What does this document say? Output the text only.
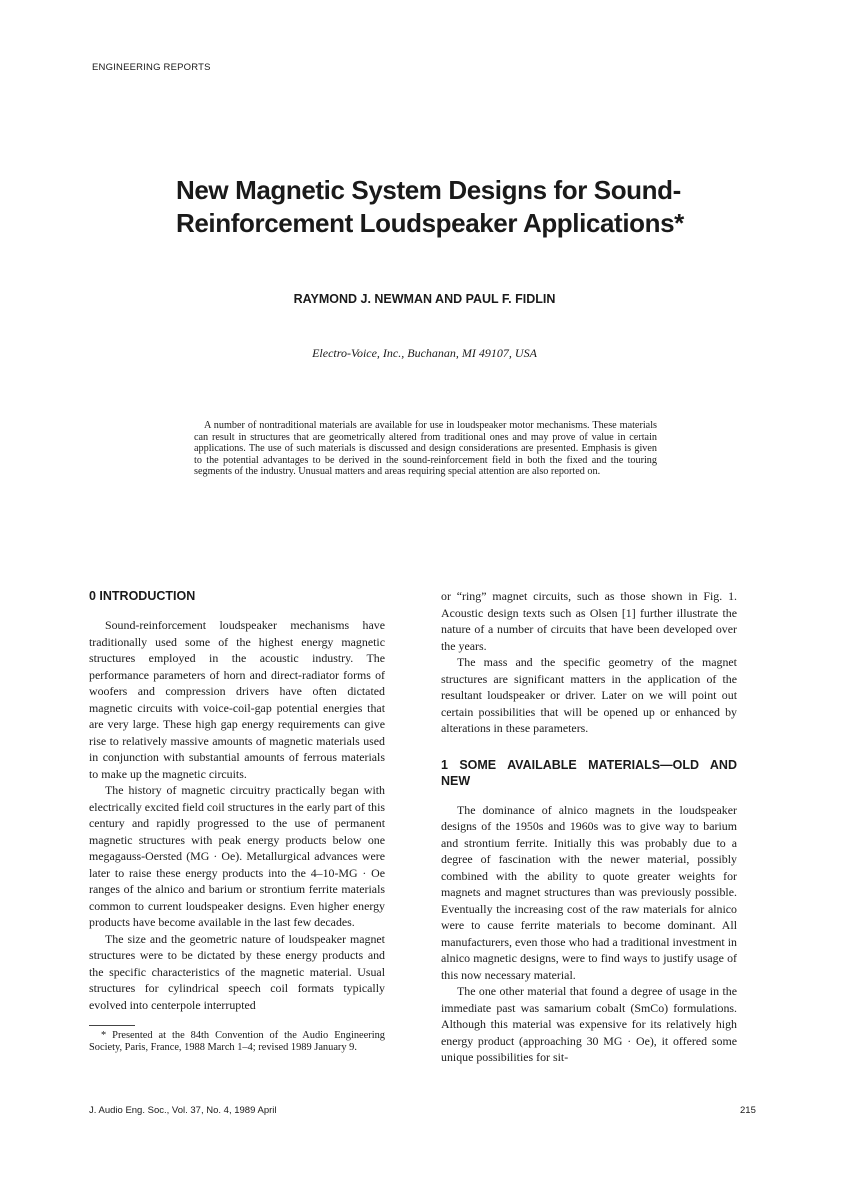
ENGINEERING REPORTS
New Magnetic System Designs for Sound-
Reinforcement Loudspeaker Applications*
RAYMOND J. NEWMAN AND PAUL F. FIDLIN
Electro-Voice, Inc., Buchanan, MI 49107, USA
A number of nontraditional materials are available for use in loudspeaker motor mechanisms. These materials can result in structures that are geometrically altered from traditional ones and may prove of value in certain applications. The use of such materials is discussed and design considerations are presented. Emphasis is given to the potential advantages to be derived in the sound-reinforcement field in both the fixed and the touring segments of the industry. Unusual matters and areas requiring special attention are also reported on.
0 INTRODUCTION

Sound-reinforcement loudspeaker mechanisms have traditionally used some of the highest energy magnetic structures employed in the acoustic industry. The performance parameters of horn and direct-radiator forms of woofers and compression drivers have often dictated magnetic circuits with voice-coil-gap potential energies that are very large. These high gap energy requirements can give rise to relatively massive amounts of magnetic materials used in conjunction with substantial amounts of ferrous materials to make up the magnetic circuits.

The history of magnetic circuitry practically began with electrically excited field coil structures in the early part of this century and rapidly progressed to the use of permanent magnetic structures with peak energy products below one megagauss-Oersted (MG · Oe). Metallurgical advances were later to raise these energy products into the 4–10-MG · Oe ranges of the alnico and barium or strontium ferrite materials common to current loudspeaker designs. Even higher energy products have become available in the last few decades.

The size and the geometric nature of loudspeaker magnet structures were to be dictated by these energy products and the specific characteristics of the magnetic material. Usual structures for cylindrical speech coil formats typically evolved into centerpole interrupted

* Presented at the 84th Convention of the Audio Engineering Society, Paris, France, 1988 March 1–4; revised 1989 January 9.

or “ring” magnet circuits, such as those shown in Fig. 1. Acoustic design texts such as Olsen [1] further illustrate the nature of a number of circuits that have been developed over the years.

The mass and the specific geometry of the magnet structures are significant matters in the application of the resultant loudspeaker or driver. Later on we will point out certain possibilities that will be opened up or enhanced by alterations in these parameters.

1 SOME AVAILABLE MATERIALS—OLD AND NEW

The dominance of alnico magnets in the loudspeaker designs of the 1950s and 1960s was to give way to barium and strontium ferrite. Initially this was probably due to a degree of fascination with the newer material, possibly combined with the ability to quote greater weights for magnets and magnet structures than was previously possible. Eventually the increasing cost of the raw materials for alnico were to cause ferrite materials to become dominant. All manufacturers, even those who had a traditional investment in alnico magnetic designs, were to find ways to justify usage of this now necessary material.

The one other material that found a degree of usage in the immediate past was samarium cobalt (SmCo) formulations. Although this material was expensive for its relatively high energy product (approaching 30 MG · Oe), it offered some unique possibilities for sit-

J. Audio Eng. Soc., Vol. 37, No. 4, 1989 April	215
